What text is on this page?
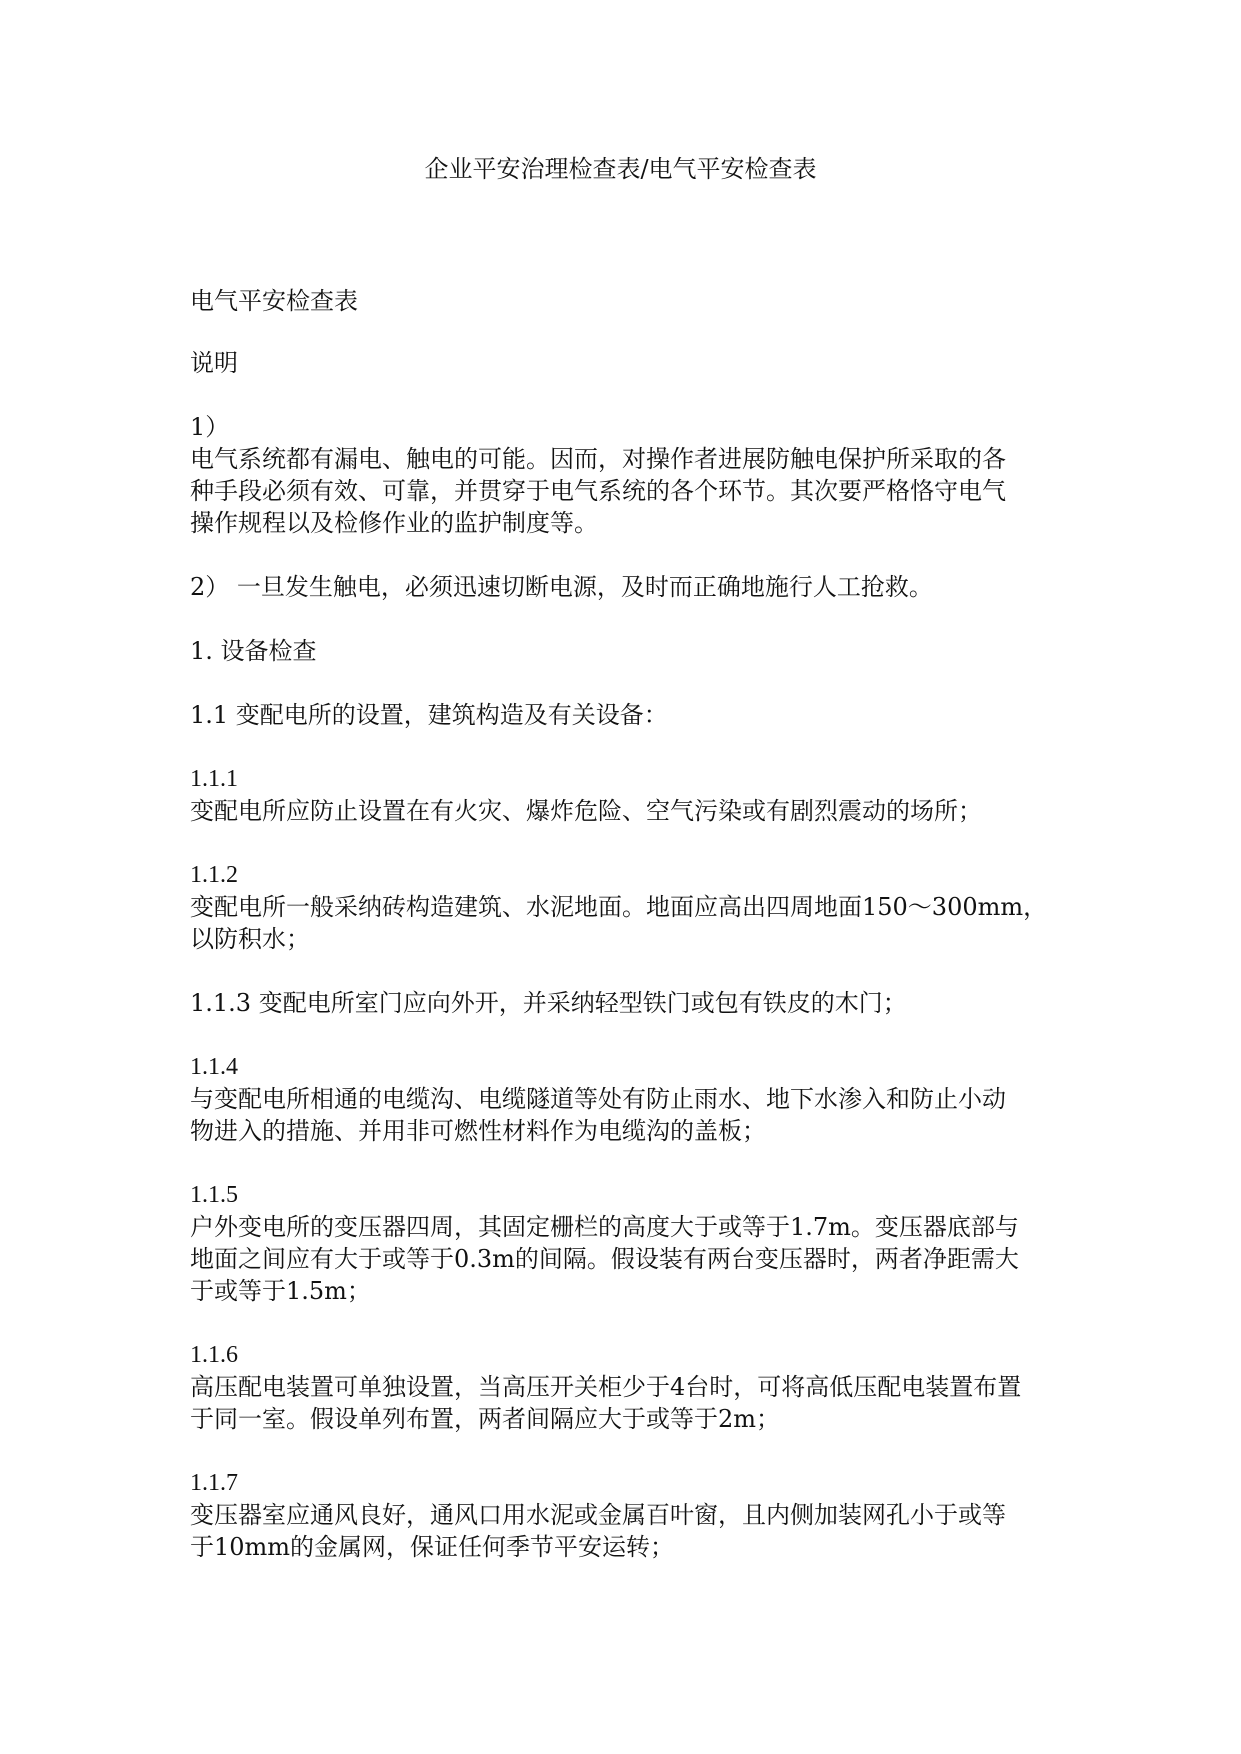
企业平安治理检查表/电气平安检查表
电气平安检查表
说明
1）
电气系统都有漏电、触电的可能。因而，对操作者进展防触电保护所采取的各
种手段必须有效、可靠，并贯穿于电气系统的各个环节。其次要严格恪守电气
操作规程以及检修作业的监护制度等。
2） 一旦发生触电，必须迅速切断电源，及时而正确地施行人工抢救。
1. 设备检查
1.1 变配电所的设置，建筑构造及有关设备：
1.1.1
变配电所应防止设置在有火灾、爆炸危险、空气污染或有剧烈震动的场所；
1.1.2
变配电所一般采纳砖构造建筑、水泥地面。地面应高出四周地面150～300mm，
以防积水；
1.1.3 变配电所室门应向外开，并采纳轻型铁门或包有铁皮的木门；
1.1.4
与变配电所相通的电缆沟、电缆隧道等处有防止雨水、地下水渗入和防止小动
物进入的措施、并用非可燃性材料作为电缆沟的盖板；
1.1.5
户外变电所的变压器四周，其固定栅栏的高度大于或等于1.7m。变压器底部与
地面之间应有大于或等于0.3m的间隔。假设装有两台变压器时，两者净距需大
于或等于1.5m；
1.1.6
高压配电装置可单独设置，当高压开关柜少于4台时，可将高低压配电装置布置
于同一室。假设单列布置，两者间隔应大于或等于2m；
1.1.7
变压器室应通风良好，通风口用水泥或金属百叶窗，且内侧加装网孔小于或等
于10mm的金属网，保证任何季节平安运转；
